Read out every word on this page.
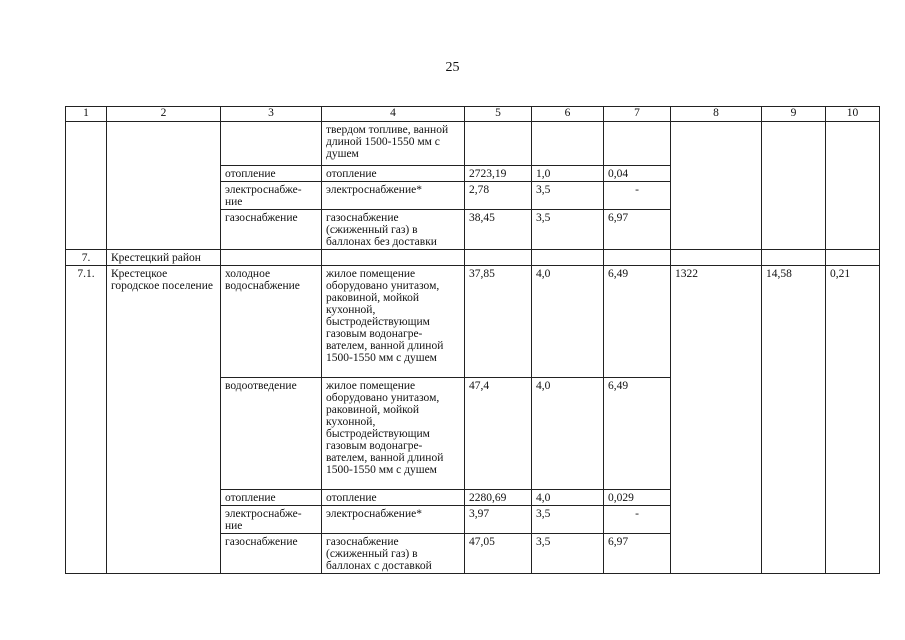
25
1	2	3	4	5	6	7	8	9	10
			твердом топливе, ванной длиной 1500-1550 мм с душем						
		отопление	отопление	2723,19	1,0	0,04			
		электроснабже-ние	электроснабжение*	2,78	3,5	-			
		газоснабжение	газоснабжение (сжиженный газ) в баллонах без доставки	38,45	3,5	6,97			
7.	Крестецкий район								
7.1.	Крестецкое городское поселение	холодное водоснабжение	жилое помещение оборудовано унитазом, раковиной, мойкой кухонной, быстродействующим газовым водонагре-вателем, ванной длиной 1500-1550 мм с душем	37,85	4,0	6,49	1322	14,58	0,21
		водоотведение	жилое помещение оборудовано унитазом, раковиной, мойкой кухонной, быстродействующим газовым водонагре-вателем, ванной длиной 1500-1550 мм с душем	47,4	4,0	6,49			
		отопление	отопление	2280,69	4,0	0,029			
		электроснабже-ние	электроснабжение*	3,97	3,5	-			
		газоснабжение	газоснабжение (сжиженный газ) в баллонах с доставкой	47,05	3,5	6,97			
